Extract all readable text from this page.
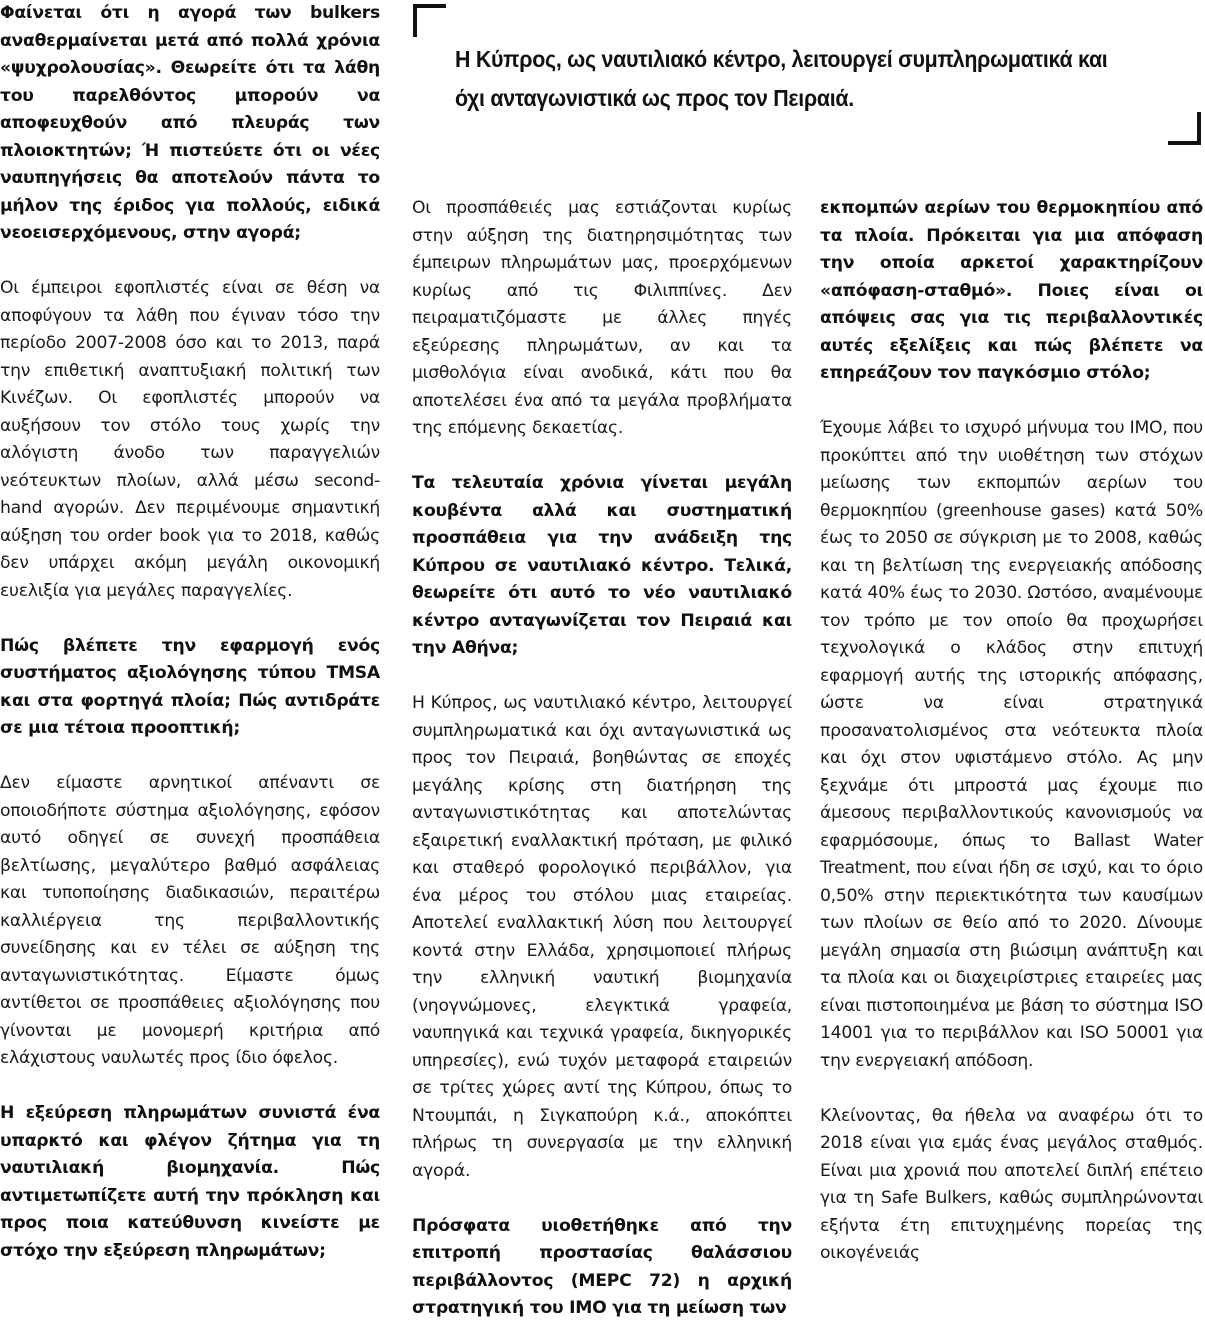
Φαίνεται ότι η αγορά των bulkers αναθερμαίνεται μετά από πολλά χρόνια «ψυχρολουσίας». Θεωρείτε ότι τα λάθη του παρελθόντος μπορούν να αποφευχθούν από πλευράς των πλοιοκτητών; Ή πιστεύετε ότι οι νέες ναυπηγήσεις θα αποτελούν πάντα το μήλον της έριδος για πολλούς, ειδικά νεοεισερχόμενους, στην αγορά;

Οι έμπειροι εφοπλιστές είναι σε θέση να αποφύγουν τα λάθη που έγιναν τόσο την περίοδο 2007-2008 όσο και το 2013, παρά την επιθετική αναπτυξιακή πολιτική των Κινέζων. Οι εφοπλιστές μπορούν να αυξήσουν τον στόλο τους χωρίς την αλόγιστη άνοδο των παραγγελιών νεότευκτων πλοίων, αλλά μέσω second-hand αγορών. Δεν περιμένουμε σημαντική αύξηση του order book για το 2018, καθώς δεν υπάρχει ακόμη μεγάλη οικονομική ευελιξία για μεγάλες παραγγελίες.

Πώς βλέπετε την εφαρμογή ενός συστήματος αξιολόγησης τύπου TMSA και στα φορτηγά πλοία; Πώς αντιδράτε σε μια τέτοια προοπτική;

Δεν είμαστε αρνητικοί απέναντι σε οποιοδήποτε σύστημα αξιολόγησης, εφόσον αυτό οδηγεί σε συνεχή προσπάθεια βελτίωσης, μεγαλύτερο βαθμό ασφάλειας και τυποποίησης διαδικασιών, περαιτέρω καλλιέργεια της περιβαλλοντικής συνείδησης και εν τέλει σε αύξηση της ανταγωνιστικότητας. Είμαστε όμως αντίθετοι σε προσπάθειες αξιολόγησης που γίνονται με μονομερή κριτήρια από ελάχιστους ναυλωτές προς ίδιο όφελος.

Η εξεύρεση πληρωμάτων συνιστά ένα υπαρκτό και φλέγον ζήτημα για τη ναυτιλιακή βιομηχανία. Πώς αντιμετωπίζετε αυτή την πρόκληση και προς ποια κατεύθυνση κινείστε με στόχο την εξεύρεση πληρωμάτων;

Η Κύπρος, ως ναυτιλιακό κέντρο, λειτουργεί συμπληρωματικά και όχι ανταγωνιστικά ως προς τον Πειραιά.

Οι προσπάθειές μας εστιάζονται κυρίως στην αύξηση της διατηρησιμότητας των έμπειρων πληρωμάτων μας, προερχόμενων κυρίως από τις Φιλιππίνες. Δεν πειραματιζόμαστε με άλλες πηγές εξεύρεσης πληρωμάτων, αν και τα μισθολόγια είναι ανοδικά, κάτι που θα αποτελέσει ένα από τα μεγάλα προβλήματα της επόμενης δεκαετίας.

Τα τελευταία χρόνια γίνεται μεγάλη κουβέντα αλλά και συστηματική προσπάθεια για την ανάδειξη της Κύπρου σε ναυτιλιακό κέντρο. Τελικά, θεωρείτε ότι αυτό το νέο ναυτιλιακό κέντρο ανταγωνίζεται τον Πειραιά και την Αθήνα;

Η Κύπρος, ως ναυτιλιακό κέντρο, λειτουργεί συμπληρωματικά και όχι ανταγωνιστικά ως προς τον Πειραιά, βοηθώντας σε εποχές μεγάλης κρίσης στη διατήρηση της ανταγωνιστικότητας και αποτελώντας εξαιρετική εναλλακτική πρόταση, με φιλικό και σταθερό φορολογικό περιβάλλον, για ένα μέρος του στόλου μιας εταιρείας. Αποτελεί εναλλακτική λύση που λειτουργεί κοντά στην Ελλάδα, χρησιμοποιεί πλήρως την ελληνική ναυτική βιομηχανία (νηογνώμονες, ελεγκτικά γραφεία, ναυπηγικά και τεχνικά γραφεία, δικηγορικές υπηρεσίες), ενώ τυχόν μεταφορά εταιρειών σε τρίτες χώρες αντί της Κύπρου, όπως το Ντουμπάι, η Σιγκαπούρη κ.ά., αποκόπτει πλήρως τη συνεργασία με την ελληνική αγορά.

Πρόσφατα υιοθετήθηκε από την επιτροπή προστασίας θαλάσσιου περιβάλλοντος (MEPC 72) η αρχική στρατηγική του IMO για τη μείωση των

εκπομπών αερίων του θερμοκηπίου από τα πλοία. Πρόκειται για μια απόφαση την οποία αρκετοί χαρακτηρίζουν «απόφαση-σταθμό». Ποιες είναι οι απόψεις σας για τις περιβαλλοντικές αυτές εξελίξεις και πώς βλέπετε να επηρεάζουν τον παγκόσμιο στόλο;

Έχουμε λάβει το ισχυρό μήνυμα του IMO, που προκύπτει από την υιοθέτηση των στόχων μείωσης των εκπομπών αερίων του θερμοκηπίου (greenhouse gases) κατά 50% έως το 2050 σε σύγκριση με το 2008, καθώς και τη βελτίωση της ενεργειακής απόδοσης κατά 40% έως το 2030. Ωστόσο, αναμένουμε τον τρόπο με τον οποίο θα προχωρήσει τεχνολογικά ο κλάδος στην επιτυχή εφαρμογή αυτής της ιστορικής απόφασης, ώστε να είναι στρατηγικά προσανατολισμένος στα νεότευκτα πλοία και όχι στον υφιστάμενο στόλο. Ας μην ξεχνάμε ότι μπροστά μας έχουμε πιο άμεσους περιβαλλοντικούς κανονισμούς να εφαρμόσουμε, όπως το Ballast Water Treatment, που είναι ήδη σε ισχύ, και το όριο 0,50% στην περιεκτικότητα των καυσίμων των πλοίων σε θείο από το 2020. Δίνουμε μεγάλη σημασία στη βιώσιμη ανάπτυξη και τα πλοία και οι διαχειρίστριες εταιρείες μας είναι πιστοποιημένα με βάση το σύστημα ISO 14001 για το περιβάλλον και ISO 50001 για την ενεργειακή απόδοση.

Κλείνοντας, θα ήθελα να αναφέρω ότι το 2018 είναι για εμάς ένας μεγάλος σταθμός. Είναι μια χρονιά που αποτελεί διπλή επέτειο για τη Safe Bulkers, καθώς συμπληρώνονται εξήντα έτη επιτυχημένης πορείας της οικογένειάς
